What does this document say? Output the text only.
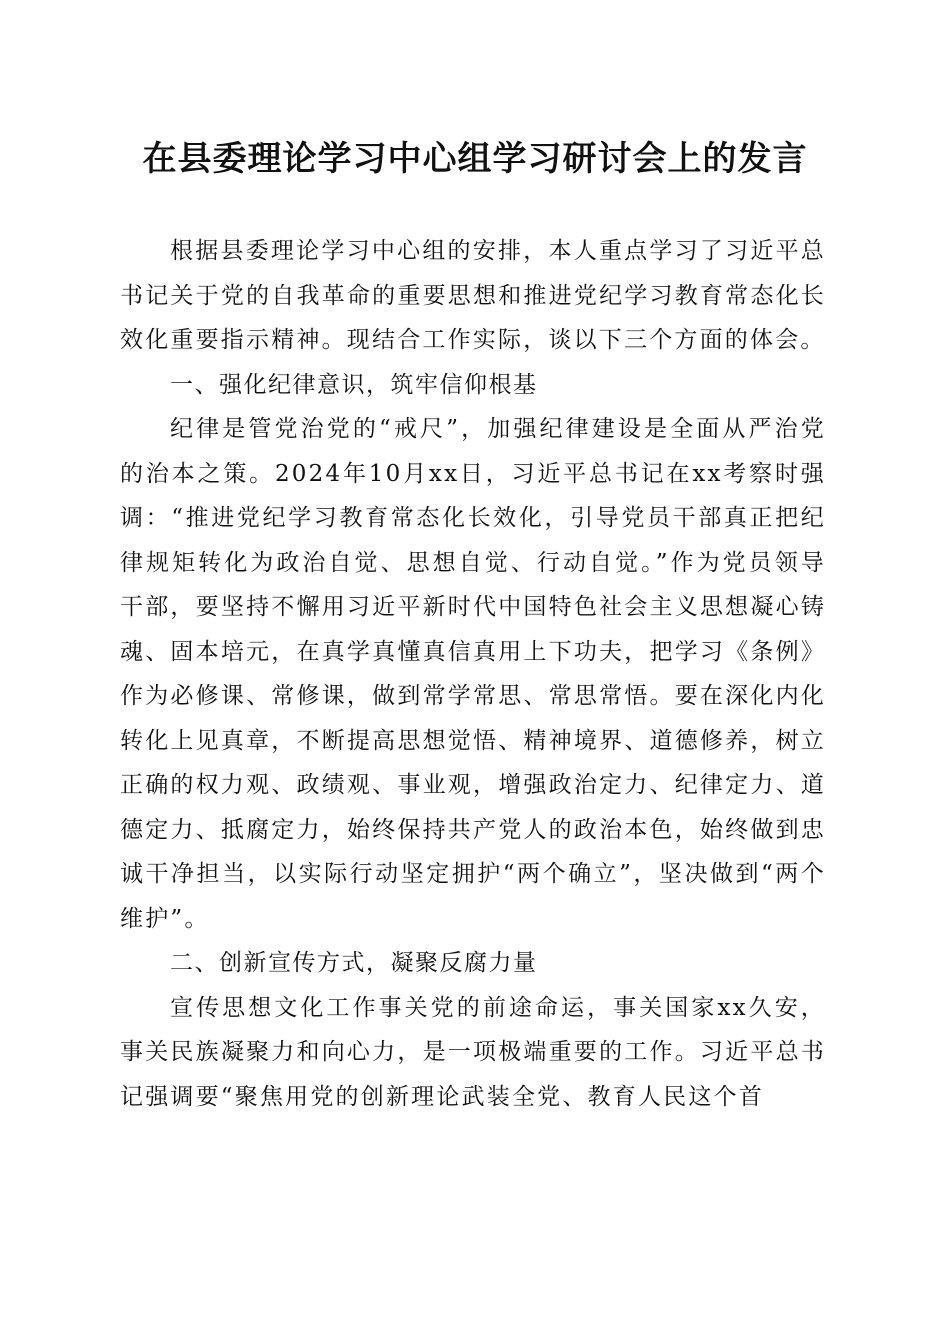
在县委理论学习中心组学习研讨会上的发言

根据县委理论学习中心组的安排，本人重点学习了习近平总书记关于党的自我革命的重要思想和推进党纪学习教育常态化长效化重要指示精神。现结合工作实际，谈以下三个方面的体会。

一、强化纪律意识，筑牢信仰根基

纪律是管党治党的“戒尺”，加强纪律建设是全面从严治党的治本之策。2024年10月xx日，习近平总书记在xx考察时强调：“推进党纪学习教育常态化长效化，引导党员干部真正把纪律规矩转化为政治自觉、思想自觉、行动自觉。”作为党员领导干部，要坚持不懈用习近平新时代中国特色社会主义思想凝心铸魂、固本培元，在真学真懂真信真用上下功夫，把学习《条例》作为必修课、常修课，做到常学常思、常思常悟。要在深化内化转化上见真章，不断提高思想觉悟、精神境界、道德修养，树立正确的权力观、政绩观、事业观，增强政治定力、纪律定力、道德定力、抵腐定力，始终保持共产党人的政治本色，始终做到忠诚干净担当，以实际行动坚定拥护“两个确立”，坚决做到“两个维护”。

二、创新宣传方式，凝聚反腐力量

宣传思想文化工作事关党的前途命运，事关国家xx久安，事关民族凝聚力和向心力，是一项极端重要的工作。习近平总书记强调要“聚焦用党的创新理论武装全党、教育人民这个首
